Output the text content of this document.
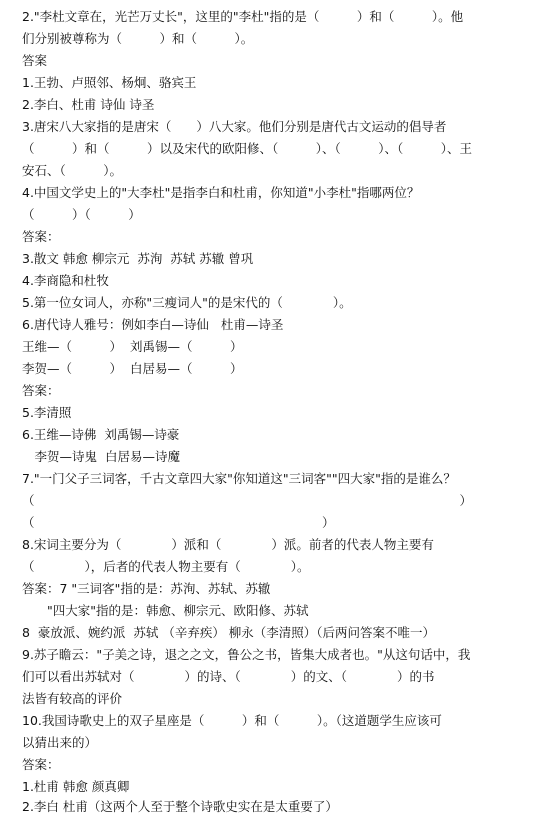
2."李杜文章在，光芒万丈长"，这里的"李杜"指的是（　　　）和（　　　）。他
们分别被尊称为（　　　）和（　　　）。
答案
1.王勃、卢照邻、杨炯、骆宾王
2.李白、杜甫 诗仙 诗圣
3.唐宋八大家指的是唐宋（　　）八大家。他们分别是唐代古文运动的倡导者
（　　　）和（　　　）以及宋代的欧阳修、（　　　）、（　　　）、（　　　）、王
安石、（　　　）。
4.中国文学史上的"大李杜"是指李白和杜甫，你知道"小李杜"指哪两位？
（　　　）（　　　）
答案：
3.散文 韩愈 柳宗元  苏洵  苏轼 苏辙 曾巩
4.李商隐和杜牧
5.第一位女词人，亦称"三瘦词人"的是宋代的（　　　　）。
6.唐代诗人雅号：例如李白—诗仙   杜甫—诗圣
王维—（　　　）  刘禹锡—（　　　）
李贺—（　　　）  白居易—（　　　）
答案：
5.李清照
6.王维—诗佛  刘禹锡—诗豪
　李贺—诗鬼  白居易—诗魔
7."一门父子三词客，千古文章四大家"你知道这"三词客""四大家"指的是谁么？
（　　　　　　　　　　　　　　　　　　　　　　　　　　　　　　　　　　）
（　　　　　　　　　　　　　　　　　　　　　　　）
8.宋词主要分为（　　　　）派和（　　　　）派。前者的代表人物主要有
（　　　　），后者的代表人物主要有（　　　　）。
答案：7 "三词客"指的是：苏洵、苏轼、苏辙
　　"四大家"指的是：韩愈、柳宗元、欧阳修、苏轼
8  豪放派、婉约派  苏轼 （辛弃疾） 柳永（李清照）（后两问答案不唯一）
9.苏子瞻云："子美之诗，退之之文，鲁公之书，皆集大成者也。"从这句话中，我
们可以看出苏轼对（　　　　）的诗、（　　　　）的文、（　　　　）的书
法皆有较高的评价
10.我国诗歌史上的双子星座是（　　　）和（　　　）。（这道题学生应该可
以猜出来的）
答案：
1.杜甫 韩愈 颜真卿
2.李白 杜甫（这两个人至于整个诗歌史实在是太重要了）
